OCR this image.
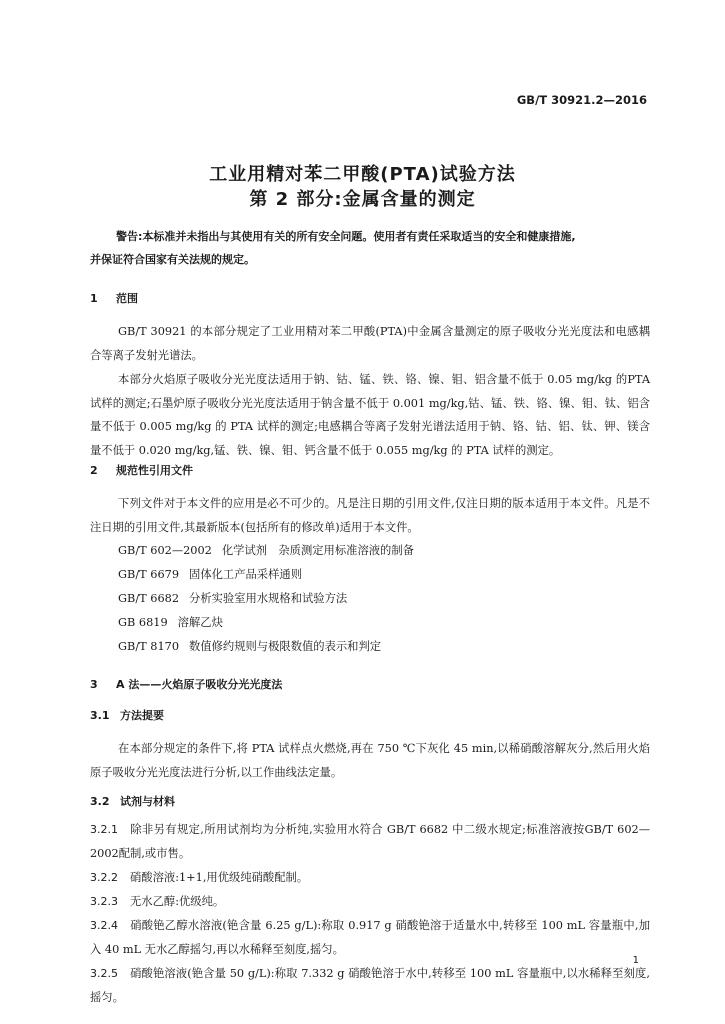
GB/T 30921.2—2016
工业用精对苯二甲酸(PTA)试验方法
第 2 部分:金属含量的测定
警告:本标准并未指出与其使用有关的所有安全问题。使用者有责任采取适当的安全和健康措施,
并保证符合国家有关法规的规定。
1 范围
GB/T 30921 的本部分规定了工业用精对苯二甲酸(PTA)中金属含量测定的原子吸收分光光度法和电感耦合等离子发射光谱法。
本部分火焰原子吸收分光光度法适用于钠、钴、锰、铁、铬、镍、钼、铝含量不低于 0.05 mg/kg 的PTA 试样的测定;石墨炉原子吸收分光光度法适用于钠含量不低于 0.001 mg/kg,钴、锰、铁、铬、镍、钼、钛、铝含量不低于 0.005 mg/kg 的 PTA 试样的测定;电感耦合等离子发射光谱法适用于钠、铬、钴、铝、钛、钾、镁含量不低于 0.020 mg/kg,锰、铁、镍、钼、钙含量不低于 0.055 mg/kg 的 PTA 试样的测定。
2 规范性引用文件
下列文件对于本文件的应用是必不可少的。凡是注日期的引用文件,仅注日期的版本适用于本文件。凡是不注日期的引用文件,其最新版本(包括所有的修改单)适用于本文件。
GB/T 602—2002 化学试剂　杂质测定用标准溶液的制备
GB/T 6679 固体化工产品采样通则
GB/T 6682 分析实验室用水规格和试验方法
GB 6819 溶解乙炔
GB/T 8170 数值修约规则与极限数值的表示和判定
3 A 法——火焰原子吸收分光光度法
3.1 方法提要
在本部分规定的条件下,将 PTA 试样点火燃烧,再在 750 ℃下灰化 45 min,以稀硝酸溶解灰分,然后用火焰原子吸收分光光度法进行分析,以工作曲线法定量。
3.2 试剂与材料
3.2.1 除非另有规定,所用试剂均为分析纯,实验用水符合 GB/T 6682 中二级水规定;标准溶液按GB/T 602—2002配制,或市售。
3.2.2 硝酸溶液:1+1,用优级纯硝酸配制。
3.2.3 无水乙醇:优级纯。
3.2.4 硝酸铯乙醇水溶液(铯含量 6.25 g/L):称取 0.917 g 硝酸铯溶于适量水中,转移至 100 mL 容量瓶中,加入 40 mL 无水乙醇摇匀,再以水稀释至刻度,摇匀。
3.2.5 硝酸铯溶液(铯含量 50 g/L):称取 7.332 g 硝酸铯溶于水中,转移至 100 mL 容量瓶中,以水稀释至刻度,摇匀。
1
